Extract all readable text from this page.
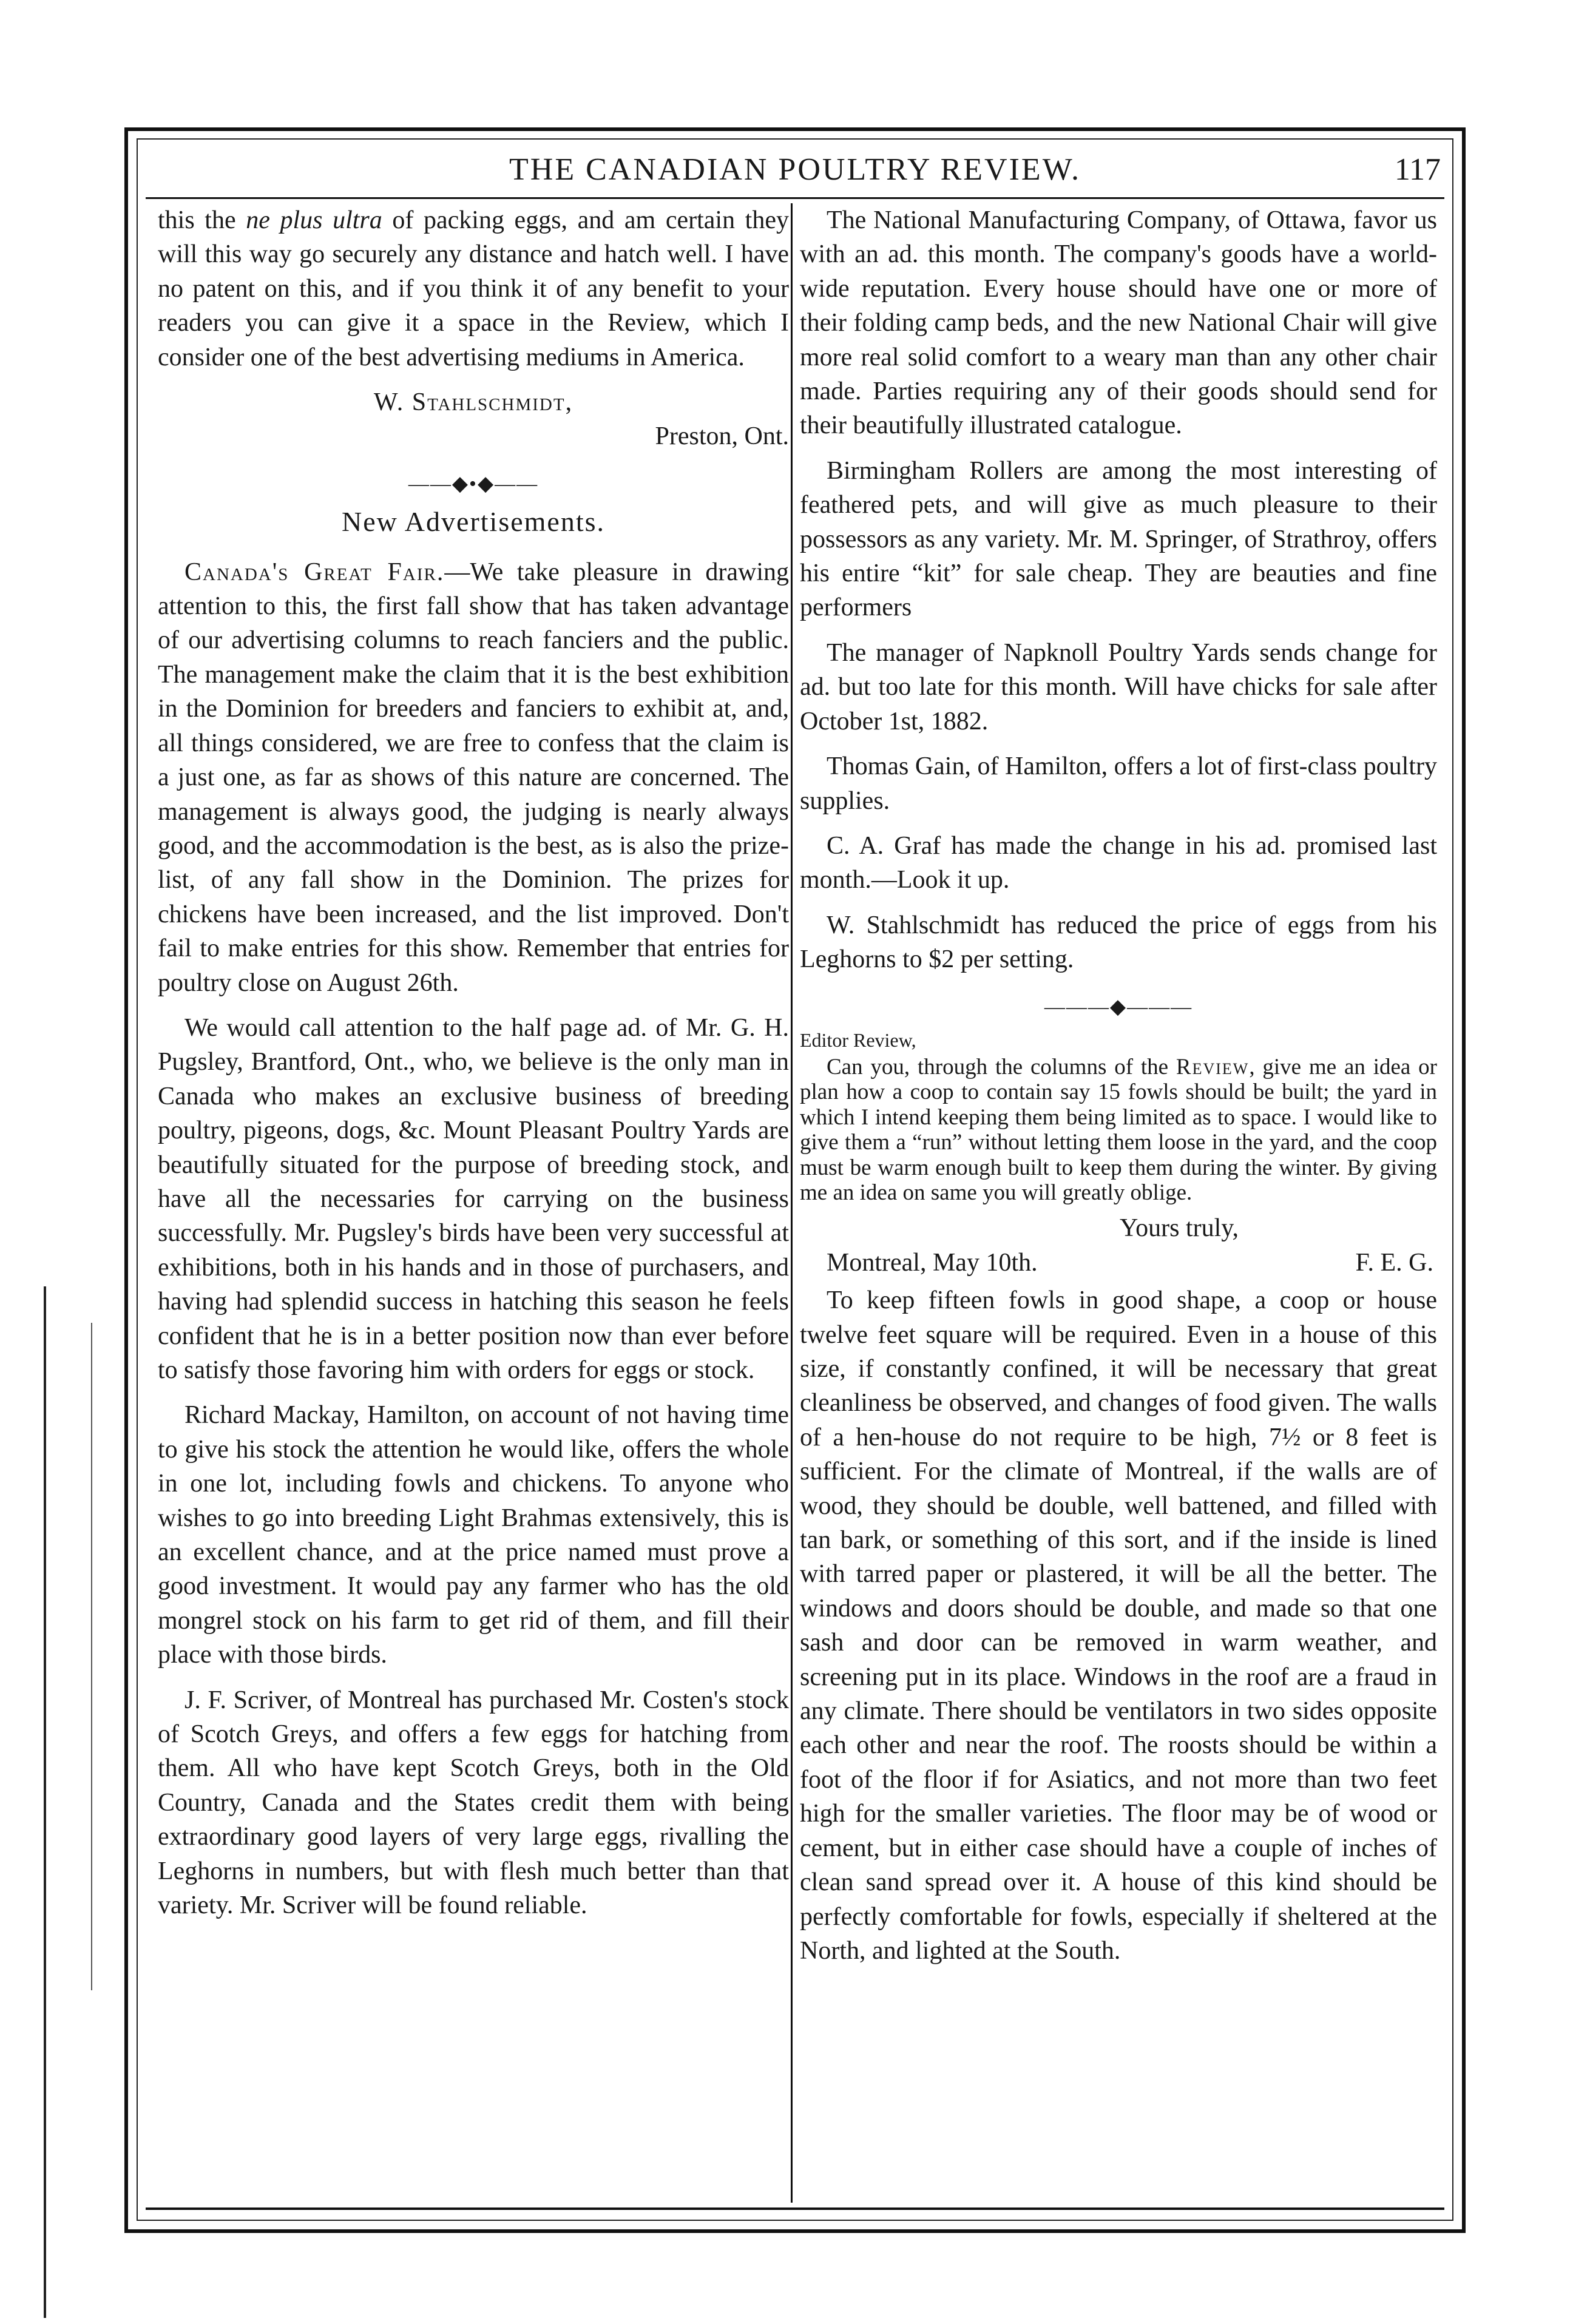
THE CANADIAN POULTRY REVIEW.	117

this the ne plus ultra of packing eggs, and am certain they will this way go securely any distance and hatch well. I have no patent on this, and if you think it of any benefit to your readers you can give it a space in the Review, which I consider one of the best advertising mediums in America.

W. Stahlschmidt,

Preston, Ont.

——◆•◆——
New Advertisements.

Canada's Great Fair.—We take pleasure in drawing attention to this, the first fall show that has taken advantage of our advertising columns to reach fanciers and the public. The management make the claim that it is the best exhibition in the Dominion for breeders and fanciers to exhibit at, and, all things considered, we are free to confess that the claim is a just one, as far as shows of this nature are concerned. The management is always good, the judging is nearly always good, and the accommodation is the best, as is also the prize-list, of any fall show in the Dominion. The prizes for chickens have been increased, and the list improved. Don't fail to make entries for this show. Remember that entries for poultry close on August 26th.

We would call attention to the half page ad. of Mr. G. H. Pugsley, Brantford, Ont., who, we believe is the only man in Canada who makes an exclusive business of breeding poultry, pigeons, dogs, &c. Mount Pleasant Poultry Yards are beautifully situated for the purpose of breeding stock, and have all the necessaries for carrying on the business successfully. Mr. Pugsley's birds have been very successful at exhibitions, both in his hands and in those of purchasers, and having had splendid success in hatching this season he feels confident that he is in a better position now than ever before to satisfy those favoring him with orders for eggs or stock.

Richard Mackay, Hamilton, on account of not having time to give his stock the attention he would like, offers the whole in one lot, including fowls and chickens. To anyone who wishes to go into breeding Light Brahmas extensively, this is an excellent chance, and at the price named must prove a good investment. It would pay any farmer who has the old mongrel stock on his farm to get rid of them, and fill their place with those birds.

J. F. Scriver, of Montreal has purchased Mr. Costen's stock of Scotch Greys, and offers a few eggs for hatching from them. All who have kept Scotch Greys, both in the Old Country, Canada and the States credit them with being extraordinary good layers of very large eggs, rivalling the Leghorns in numbers, but with flesh much better than that variety. Mr. Scriver will be found reliable.

The National Manufacturing Company, of Ottawa, favor us with an ad. this month. The company's goods have a world-wide reputation. Every house should have one or more of their folding camp beds, and the new National Chair will give more real solid comfort to a weary man than any other chair made. Parties requiring any of their goods should send for their beautifully illustrated catalogue.

Birmingham Rollers are among the most interesting of feathered pets, and will give as much pleasure to their possessors as any variety. Mr. M. Springer, of Strathroy, offers his entire “kit” for sale cheap. They are beauties and fine performers

The manager of Napknoll Poultry Yards sends change for ad. but too late for this month. Will have chicks for sale after October 1st, 1882.

Thomas Gain, of Hamilton, offers a lot of first-class poultry supplies.

C. A. Graf has made the change in his ad. promised last month.—Look it up.

W. Stahlschmidt has reduced the price of eggs from his Leghorns to $2 per setting.

———◆———

Editor Review,

Can you, through the columns of the Review, give me an idea or plan how a coop to contain say 15 fowls should be built; the yard in which I intend keeping them being limited as to space. I would like to give them a “run” without letting them loose in the yard, and the coop must be warm enough built to keep them during the winter. By giving me an idea on same you will greatly oblige.

Yours truly,

Montreal, May 10th.	F. E. G.

To keep fifteen fowls in good shape, a coop or house twelve feet square will be required. Even in a house of this size, if constantly confined, it will be necessary that great cleanliness be observed, and changes of food given. The walls of a hen-house do not require to be high, 7½ or 8 feet is sufficient. For the climate of Montreal, if the walls are of wood, they should be double, well battened, and filled with tan bark, or something of this sort, and if the inside is lined with tarred paper or plastered, it will be all the better. The windows and doors should be double, and made so that one sash and door can be removed in warm weather, and screening put in its place. Windows in the roof are a fraud in any climate. There should be ventilators in two sides opposite each other and near the roof. The roosts should be within a foot of the floor if for Asiatics, and not more than two feet high for the smaller varieties. The floor may be of wood or cement, but in either case should have a couple of inches of clean sand spread over it. A house of this kind should be perfectly comfortable for fowls, especially if sheltered at the North, and lighted at the South.
